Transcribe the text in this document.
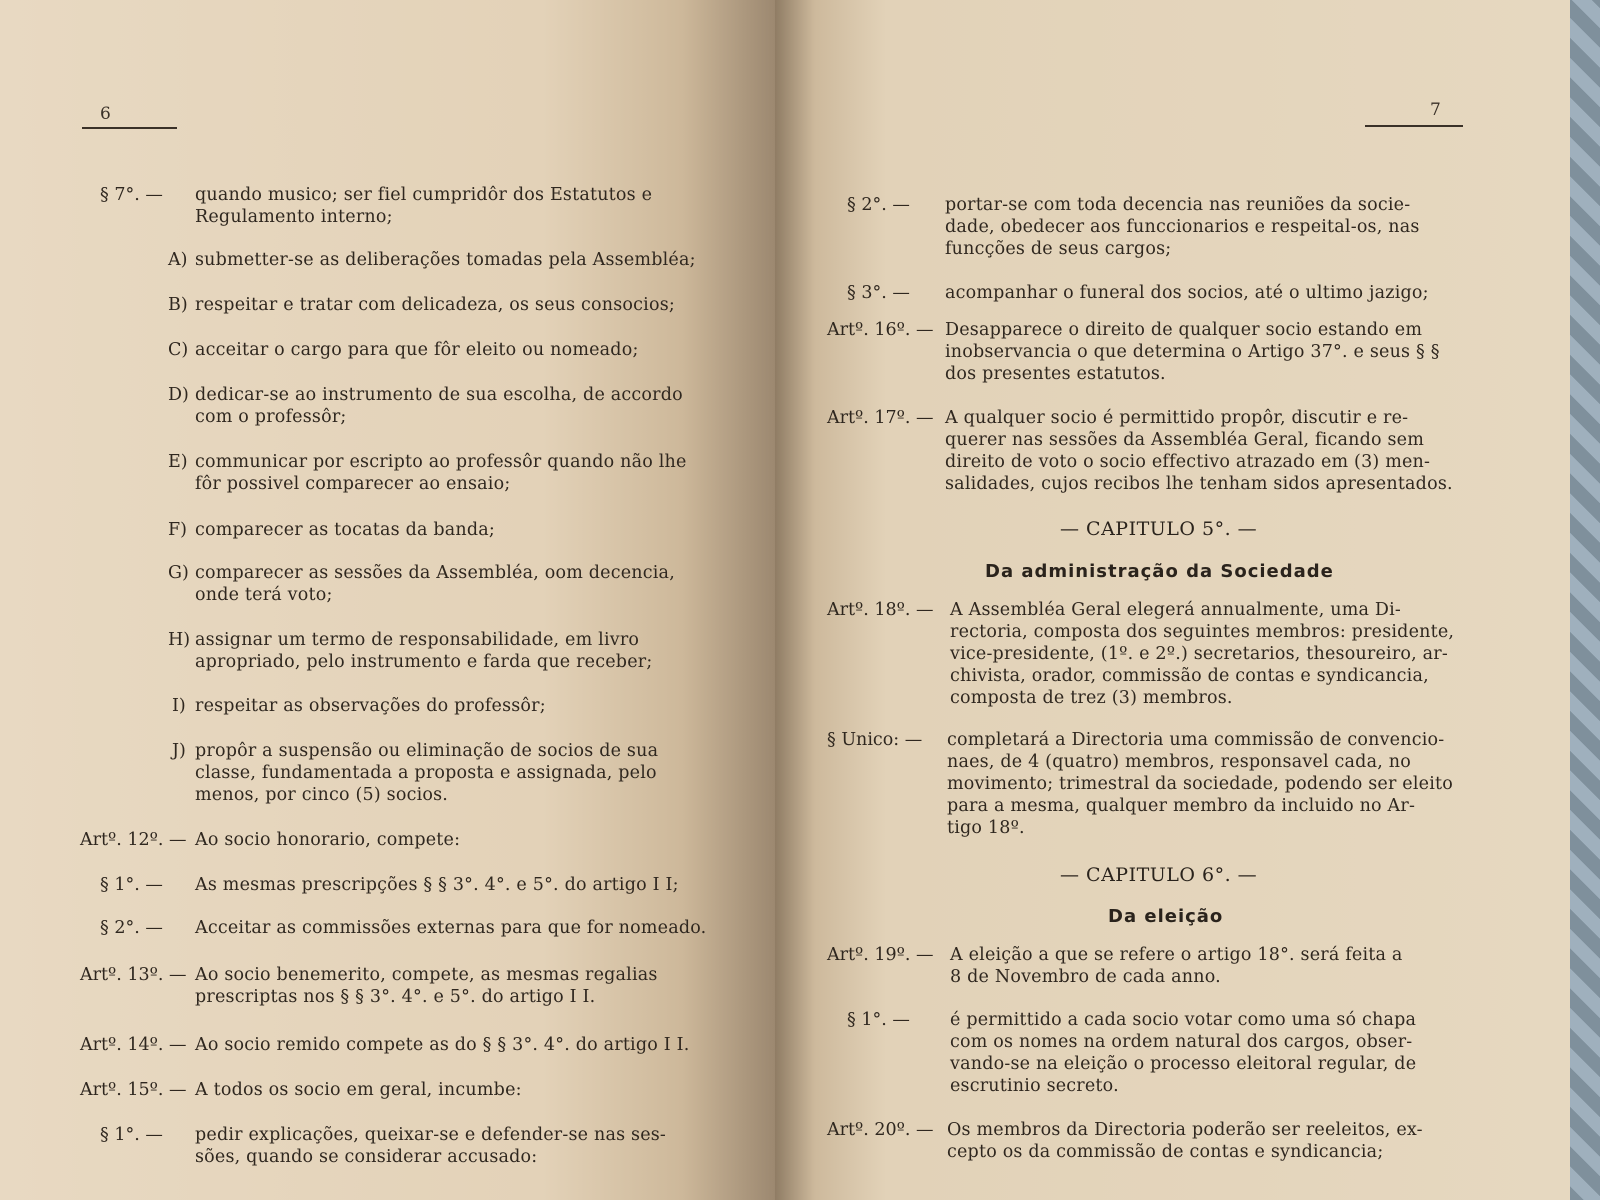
6
§ 7°. — quando musico; ser fiel cumpridôr dos Estatutos e
Regulamento interno;
A) submetter-se as deliberações tomadas pela Assembléa;
B) respeitar e tratar com delicadeza, os seus consocios;
C) acceitar o cargo para que fôr eleito ou nomeado;
D) dedicar-se ao instrumento de sua escolha, de accordo
com o professôr;
E) communicar por escripto ao professôr quando não lhe
fôr possivel comparecer ao ensaio;
F) comparecer as tocatas da banda;
G) comparecer as sessões da Assembléa, oom decencia,
onde terá voto;
H) assignar um termo de responsabilidade, em livro
apropriado, pelo instrumento e farda que receber;
I) respeitar as observações do professôr;
J) propôr a suspensão ou eliminação de socios de sua
classe, fundamentada a proposta e assignada, pelo
menos, por cinco (5) socios.
Artº. 12º. — Ao socio honorario, compete:
§ 1°. — As mesmas prescripções § § 3°. 4°. e 5°. do artigo I I;
§ 2°. — Acceitar as commissões externas para que for nomeado.
Artº. 13º. — Ao socio benemerito, compete, as mesmas regalias
prescriptas nos § § 3°. 4°. e 5°. do artigo I I.
Artº. 14º. — Ao socio remido compete as do § § 3°. 4°. do artigo I I.
Artº. 15º. — A todos os socio em geral, incumbe:
§ 1°. — pedir explicações, queixar-se e defender-se nas ses-
sões, quando se considerar accusado:
7
§ 2°. — portar-se com toda decencia nas reuniões da socie-
dade, obedecer aos funccionarios e respeital-os, nas
funcções de seus cargos;
§ 3°. — acompanhar o funeral dos socios, até o ultimo jazigo;
Artº. 16º. — Desapparece o direito de qualquer socio estando em
inobservancia o que determina o Artigo 37°. e seus § §
dos presentes estatutos.
Artº. 17º. — A qualquer socio é permittido propôr, discutir e re-
querer nas sessões da Assembléa Geral, ficando sem
direito de voto o socio effectivo atrazado em (3) men-
salidades, cujos recibos lhe tenham sidos apresentados.
Artº. 18º. — A Assembléa Geral elegerá annualmente, uma Di-
rectoria, composta dos seguintes membros: presidente,
vice-presidente, (1º. e 2º.) secretarios, thesoureiro, ar-
chivista, orador, commissão de contas e syndicancia,
composta de trez (3) membros.
§ Unico: — completará a Directoria uma commissão de convencio-
naes, de 4 (quatro) membros, responsavel cada, no
movimento; trimestral da sociedade, podendo ser eleito
para a mesma, qualquer membro da incluido no Ar-
tigo 18º.
Artº. 19º. — A eleição a que se refere o artigo 18°. será feita a
8 de Novembro de cada anno.
§ 1°. — é permittido a cada socio votar como uma só chapa
com os nomes na ordem natural dos cargos, obser-
vando-se na eleição o processo eleitoral regular, de
escrutinio secreto.
Artº. 20º. — Os membros da Directoria poderão ser reeleitos, ex-
cepto os da commissão de contas e syndicancia;
— CAPITULO 5°. —
Da administração da Sociedade
— CAPITULO 6°. —
Da eleição
